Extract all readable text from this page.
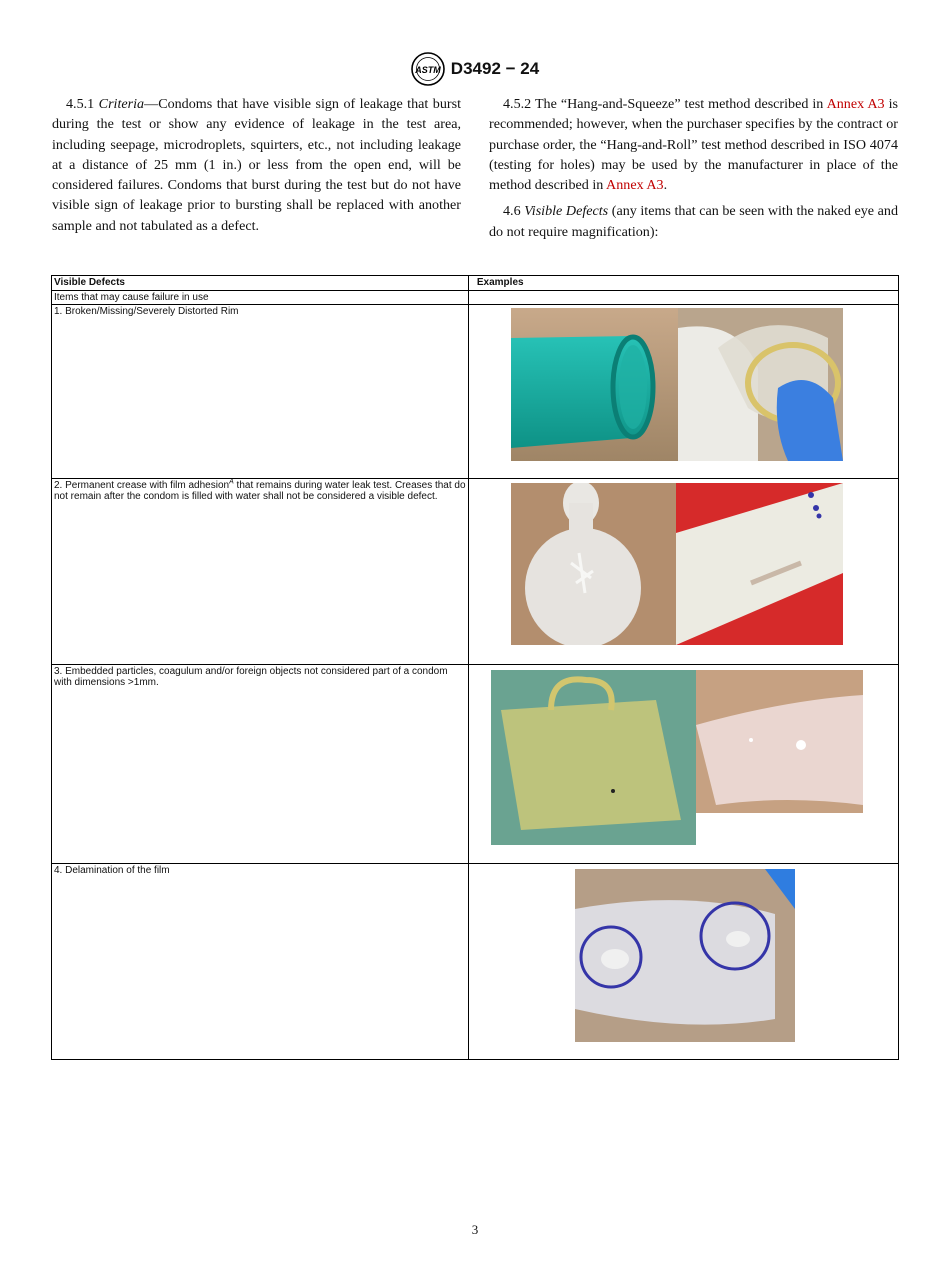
ASTM D3492 − 24

4.5.1 Criteria—Condoms that have visible sign of leakage that burst during the test or show any evidence of leakage in the test area, including seepage, microdroplets, squirters, etc., not including leakage at a distance of 25 mm (1 in.) or less from the open end, will be considered failures. Condoms that burst during the test but do not have visible sign of leakage prior to bursting shall be replaced with another sample and not tabulated as a defect.

4.5.2 The “Hang-and-Squeeze” test method described in Annex A3 is recommended; however, when the purchaser specifies by the contract or purchase order, the “Hang-and-Roll” test method described in ISO 4074 (testing for holes) may be used by the manufacturer in place of the method described in Annex A3.

4.6 Visible Defects (any items that can be seen with the naked eye and do not require magnification):

Visible Defects	Examples
Items that may cause failure in use	
1. Broken/Missing/Severely Distorted Rim	

2. Permanent crease with film adhesion$^A$ that remains during water leak test. Creases that do not remain after the condom is filled with water shall not be considered a visible defect.	

3. Embedded particles, coagulum and/or foreign objects not considered part of a condom with dimensions >1mm.	

4. Delamination of the film	
3
